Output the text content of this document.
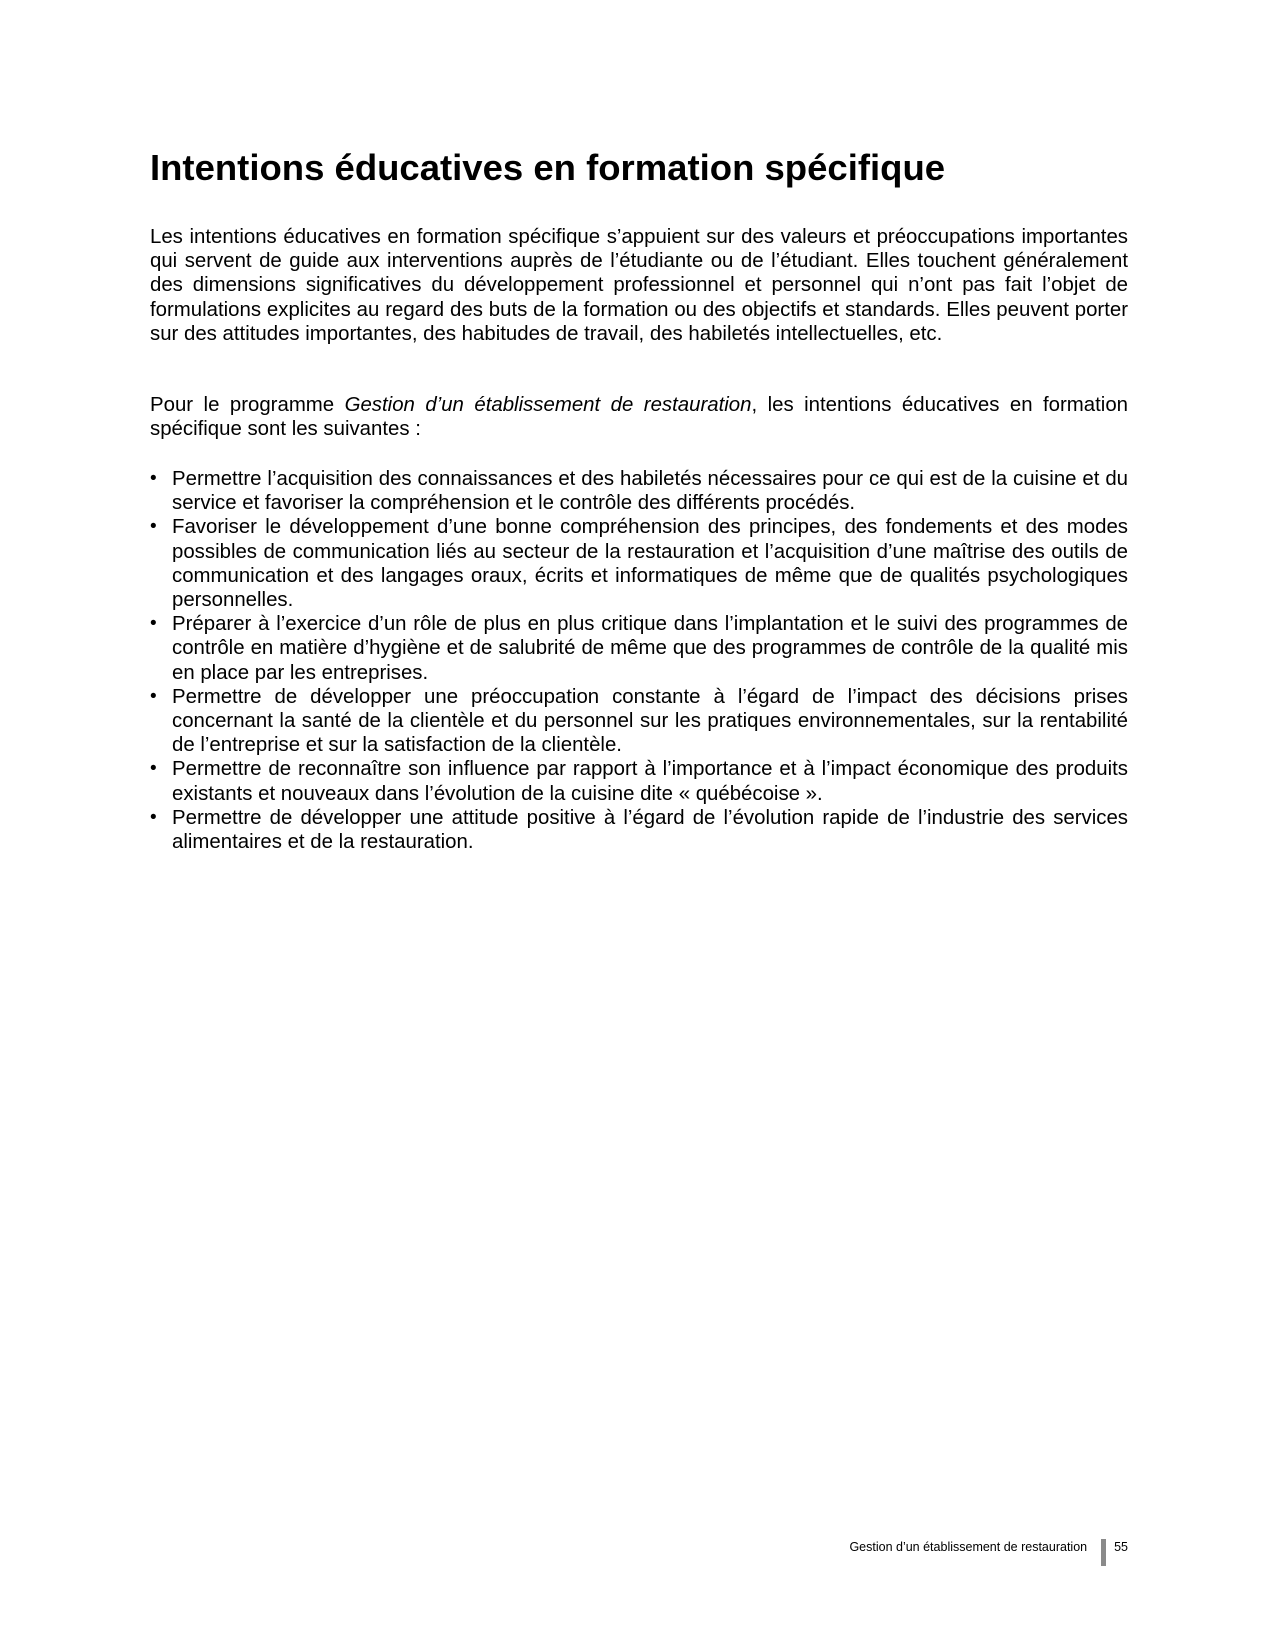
Intentions éducatives en formation spécifique

Les intentions éducatives en formation spécifique s’appuient sur des valeurs et préoccupations importantes qui servent de guide aux interventions auprès de l’étudiante ou de l’étudiant. Elles touchent généralement des dimensions significatives du développement professionnel et personnel qui n’ont pas fait l’objet de formulations explicites au regard des buts de la formation ou des objectifs et standards. Elles peuvent porter sur des attitudes importantes, des habitudes de travail, des habiletés intellectuelles, etc.

Pour le programme Gestion d’un établissement de restauration, les intentions éducatives en formation spécifique sont les suivantes :

• Permettre l’acquisition des connaissances et des habiletés nécessaires pour ce qui est de la cuisine et du service et favoriser la compréhension et le contrôle des différents procédés.
• Favoriser le développement d’une bonne compréhension des principes, des fondements et des modes possibles de communication liés au secteur de la restauration et l’acquisition d’une maîtrise des outils de communication et des langages oraux, écrits et informatiques de même que de qualités psychologiques personnelles.
• Préparer à l’exercice d’un rôle de plus en plus critique dans l’implantation et le suivi des programmes de contrôle en matière d’hygiène et de salubrité de même que des programmes de contrôle de la qualité mis en place par les entreprises.
• Permettre de développer une préoccupation constante à l’égard de l’impact des décisions prises concernant la santé de la clientèle et du personnel sur les pratiques environnementales, sur la rentabilité de l’entreprise et sur la satisfaction de la clientèle.
• Permettre de reconnaître son influence par rapport à l’importance et à l’impact économique des produits existants et nouveaux dans l’évolution de la cuisine dite « québécoise ».
• Permettre de développer une attitude positive à l’égard de l’évolution rapide de l’industrie des services alimentaires et de la restauration.
Gestion d’un établissement de restauration 55
